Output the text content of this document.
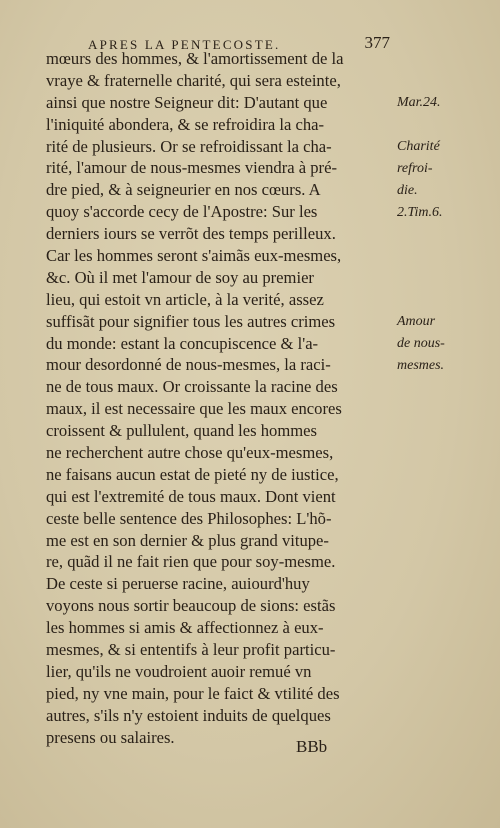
APRES LA PENTECOSTE.	377
mœurs des hommes, & l'amortissement de la
vraye & fraternelle charité, qui sera esteinte,
ainsi que nostre Seigneur dit: D'autant que
l'iniquité abondera, & se refroidira la cha-
rité de plusieurs. Or se refroidissant la cha-
rité, l'amour de nous-mesmes viendra à pré-
dre pied, & à seigneurier en nos cœurs. A
quoy s'accorde cecy de l'Apostre: Sur les
derniers iours se verrõt des temps perilleux.
Car les hommes seront s'aimãs eux-mesmes,
&c. Où il met l'amour de soy au premier
lieu, qui estoit vn article, à la verité, assez
suffisãt pour signifier tous les autres crimes
du monde: estant la concupiscence & l'a-
mour desordonné de nous-mesmes, la raci-
ne de tous maux. Or croissante la racine des
maux, il est necessaire que les maux encores
croissent & pullulent, quand les hommes
ne recherchent autre chose qu'eux-mesmes,
ne faisans aucun estat de pieté ny de iustice,
qui est l'extremité de tous maux. Dont vient
ceste belle sentence des Philosophes: L'hõ-
me est en son dernier & plus grand vitupe-
re, quãd il ne fait rien que pour soy-mesme.
De ceste si peruerse racine, auiourd'huy
voyons nous sortir beaucoup de sions: estãs
les hommes si amis & affectionnez à eux-
mesmes, & si ententifs à leur profit particu-
lier, qu'ils ne voudroient auoir remué vn
pied, ny vne main, pour le faict & vtilité des
autres, s'ils n'y estoient induits de quelques
presens ou salaires.
Mar.24.
Charité
refroi-
die.
2.Tim.6.
Amour
de nous-
mesmes.
BBb
